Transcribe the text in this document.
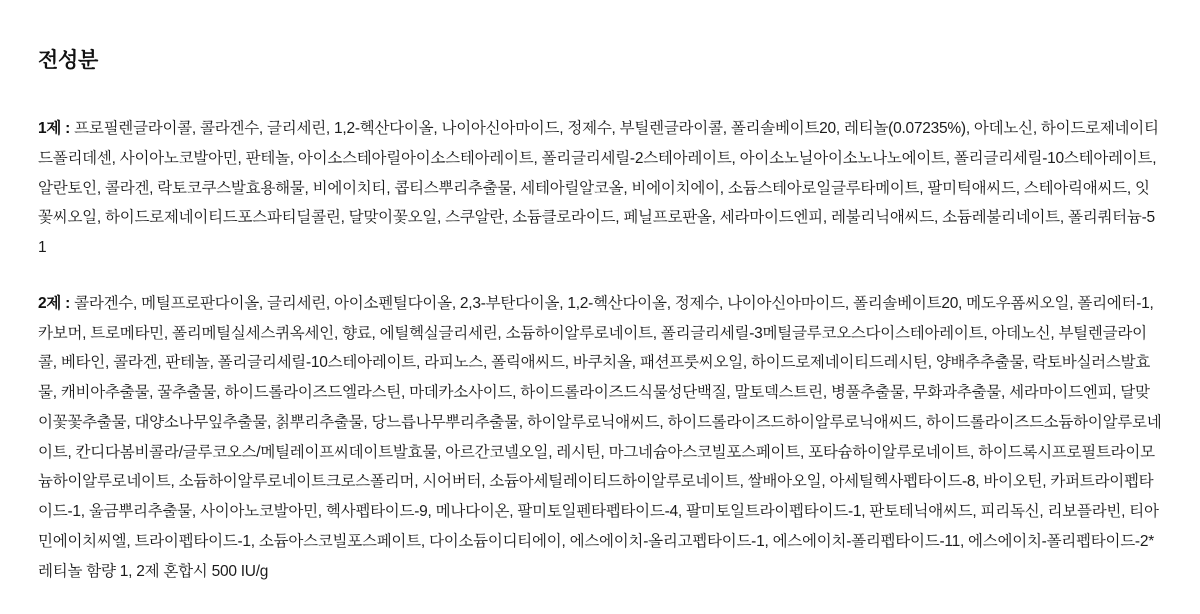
전성분

1제 : 프로필렌글라이콜, 콜라겐수, 글리세린, 1,2-헥산다이올, 나이아신아마이드, 정제수, 부틸렌글라이콜, 폴리솔베이트20, 레티놀(0.07235%), 아데노신, 하이드로제네이티드폴리데센, 사이아노코발아민, 판테놀, 아이소스테아릴아이소스테아레이트, 폴리글리세릴-2스테아레이트, 아이소노닐아이소노나노에이트, 폴리글리세릴-10스테아레이트, 알란토인, 콜라겐, 락토코쿠스발효용해물, 비에이치티, 콥티스뿌리추출물, 세테아릴알코올, 비에이치에이, 소듐스테아로일글루타메이트, 팔미틱애씨드, 스테아릭애씨드, 잇꽃씨오일, 하이드로제네이티드포스파티딜콜린, 달맞이꽃오일, 스쿠알란, 소듐클로라이드, 페닐프로판올, 세라마이드엔피, 레불리닉애씨드, 소듐레불리네이트, 폴리쿼터늄-51

2제 : 콜라겐수, 메틸프로판다이올, 글리세린, 아이소펜틸다이올, 2,3-부탄다이올, 1,2-헥산다이올, 정제수, 나이아신아마이드, 폴리솔베이트20, 메도우폼씨오일, 폴리에터-1, 카보머, 트로메타민, 폴리메틸실세스퀴옥세인, 향료, 에틸헥실글리세린, 소듐하이알루로네이트, 폴리글리세릴-3메틸글루코오스다이스테아레이트, 아데노신, 부틸렌글라이콜, 베타인, 콜라겐, 판테놀, 폴리글리세릴-10스테아레이트, 라피노스, 폴릭애씨드, 바쿠치올, 패션프룻씨오일, 하이드로제네이티드레시틴, 양배추추출물, 락토바실러스발효물, 캐비아추출물, 꿀추출물, 하이드롤라이즈드엘라스틴, 마데카소사이드, 하이드롤라이즈드식물성단백질, 말토덱스트린, 병풀추출물, 무화과추출물, 세라마이드엔피, 달맞이꽃꽃추출물, 대양소나무잎추출물, 칡뿌리추출물, 당느릅나무뿌리추출물, 하이알루로닉애씨드, 하이드롤라이즈드하이알루로닉애씨드, 하이드롤라이즈드소듐하이알루로네이트, 칸디다봄비콜라/글루코오스/메틸레이프씨데이트발효물, 아르간코넬오일, 레시틴, 마그네슘아스코빌포스페이트, 포타슘하이알루로네이트, 하이드록시프로필트라이모늄하이알루로네이트, 소듐하이알루로네이트크로스폴리머, 시어버터, 소듐아세틸레이티드하이알루로네이트, 쌀배아오일, 아세틸헥사펩타이드-8, 바이오틴, 카퍼트라이펩타이드-1, 울금뿌리추출물, 사이아노코발아민, 헥사펩타이드-9, 메나다이온, 팔미토일펜타펩타이드-4, 팔미토일트라이펩타이드-1, 판토테닉애씨드, 피리독신, 리보플라빈, 티아민에이치씨엘, 트라이펩타이드-1, 소듐아스코빌포스페이트, 다이소듐이디티에이, 에스에이치-올리고펩타이드-1, 에스에이치-폴리펩타이드-11, 에스에이치-폴리펩타이드-2* 레티놀 함량 1, 2제 혼합시 500 IU/g
